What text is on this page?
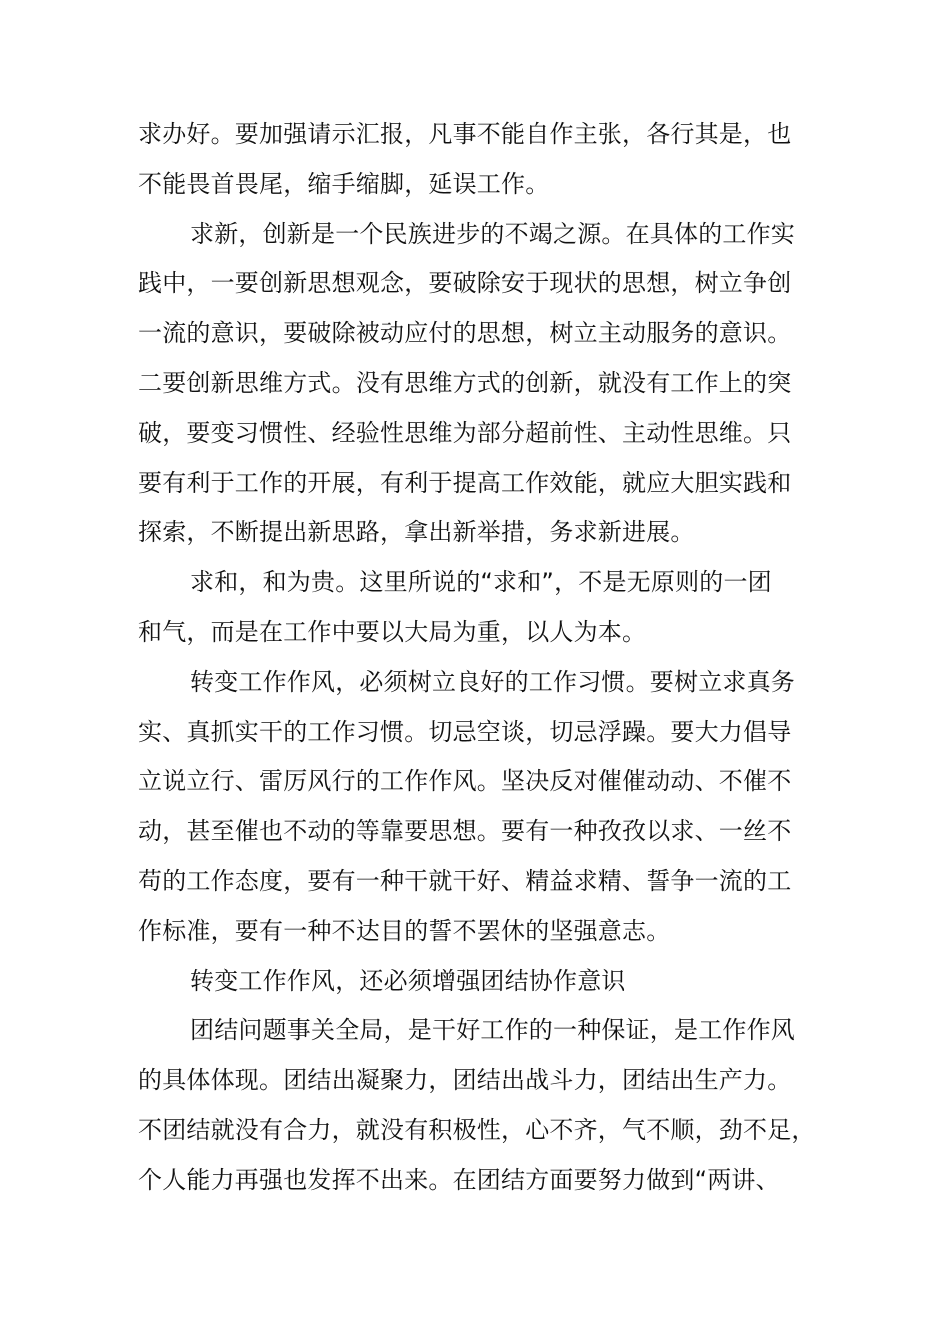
求办好。要加强请示汇报，凡事不能自作主张，各行其是，也
不能畏首畏尾，缩手缩脚，延误工作。
求新，创新是一个民族进步的不竭之源。在具体的工作实
践中，一要创新思想观念，要破除安于现状的思想，树立争创
一流的意识，要破除被动应付的思想，树立主动服务的意识。
二要创新思维方式。没有思维方式的创新，就没有工作上的突
破，要变习惯性、经验性思维为部分超前性、主动性思维。只
要有利于工作的开展，有利于提高工作效能，就应大胆实践和
探索，不断提出新思路，拿出新举措，务求新进展。
求和，和为贵。这里所说的“求和”，不是无原则的一团
和气，而是在工作中要以大局为重，以人为本。
转变工作作风，必须树立良好的工作习惯。要树立求真务
实、真抓实干的工作习惯。切忌空谈，切忌浮躁。要大力倡导
立说立行、雷厉风行的工作作风。坚决反对催催动动、不催不
动，甚至催也不动的等靠要思想。要有一种孜孜以求、一丝不
苟的工作态度，要有一种干就干好、精益求精、誓争一流的工
作标准，要有一种不达目的誓不罢休的坚强意志。
转变工作作风，还必须增强团结协作意识
团结问题事关全局，是干好工作的一种保证，是工作作风
的具体体现。团结出凝聚力，团结出战斗力，团结出生产力。
不团结就没有合力，就没有积极性，心不齐，气不顺，劲不足，
个人能力再强也发挥不出来。在团结方面要努力做到“两讲、
